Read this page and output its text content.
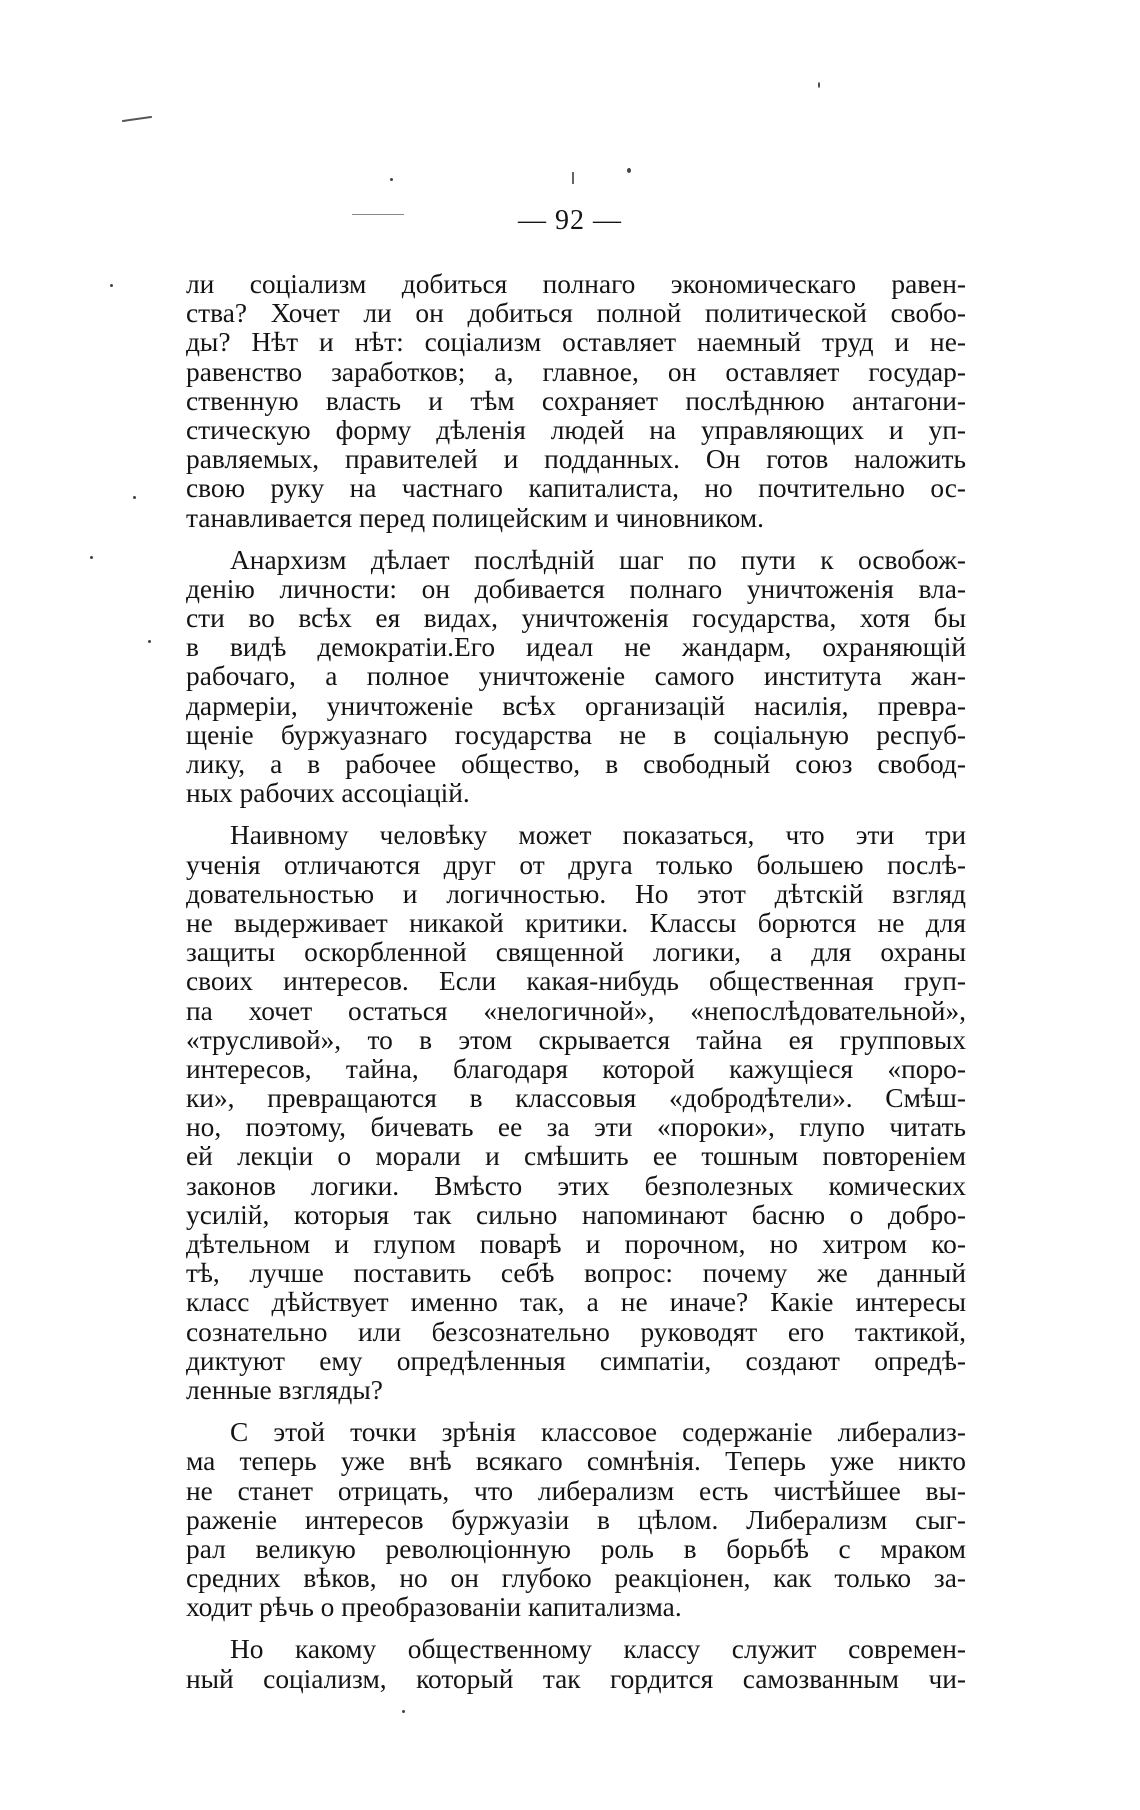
— 92 —
ли соціализм добиться полнаго экономическаго равен-
ства? Хочет ли он добиться полной политической свобо-
ды? Нѣт и нѣт: соціализм оставляет наемный труд и не-
равенство заработков; а, главное, он оставляет государ-
ственную власть и тѣм сохраняет послѣднюю антагони-
стическую форму дѣленія людей на управляющих и уп-
равляемых, правителей и подданных. Он готов наложить
свою руку на частнаго капиталиста, но почтительно ос-
танавливается перед полицейским и чиновником.
Анархизм дѣлает послѣдній шаг по пути к освобож-
денію личности: он добивается полнаго уничтоженія вла-
сти во всѣх ея видах, уничтоженія государства, хотя бы
в видѣ демократіи.Его идеал не жандарм, охраняющій
рабочаго, а полное уничтоженіе самого института жан-
дармеріи, уничтоженіе всѣх организацій насилія, превра-
щеніе буржуазнаго государства не в соціальную респуб-
лику, а в рабочее общество, в свободный союз свобод-
ных рабочих ассоціацій.
Наивному человѣку может показаться, что эти три
ученія отличаются друг от друга только большею послѣ-
довательностью и логичностью. Но этот дѣтскій взгляд
не выдерживает никакой критики. Классы борются не для
защиты оскорбленной священной логики, а для охраны
своих интересов. Если какая-нибудь общественная груп-
па хочет остаться «нелогичной», «непослѣдовательной»,
«трусливой», то в этом скрывается тайна ея групповых
интересов, тайна, благодаря которой кажущіеся «поро-
ки», превращаются в классовыя «добродѣтели». Смѣш-
но, поэтому, бичевать ее за эти «пороки», глупо читать
ей лекціи о морали и смѣшить ее тошным повтореніем
законов логики. Вмѣсто этих безполезных комических
усилій, которыя так сильно напоминают басню о добро-
дѣтельном и глупом поварѣ и порочном, но хитром ко-
тѣ, лучше поставить себѣ вопрос: почему же данный
класс дѣйствует именно так, а не иначе? Какіе интересы
сознательно или безсознательно руководят его тактикой,
диктуют ему опредѣленныя симпатіи, создают опредѣ-
ленные взгляды?
С этой точки зрѣнія классовое содержаніе либерализ-
ма теперь уже внѣ всякаго сомнѣнія. Теперь уже никто
не станет отрицать, что либерализм есть чистѣйшее вы-
раженіе интересов буржуазіи в цѣлом. Либерализм сыг-
рал великую революціонную роль в борьбѣ с мраком
средних вѣков, но он глубоко реакціонен, как только за-
ходит рѣчь о преобразованіи капитализма.
Но какому общественному классу служит современ-
ный соціализм, который так гордится самозванным чи-
